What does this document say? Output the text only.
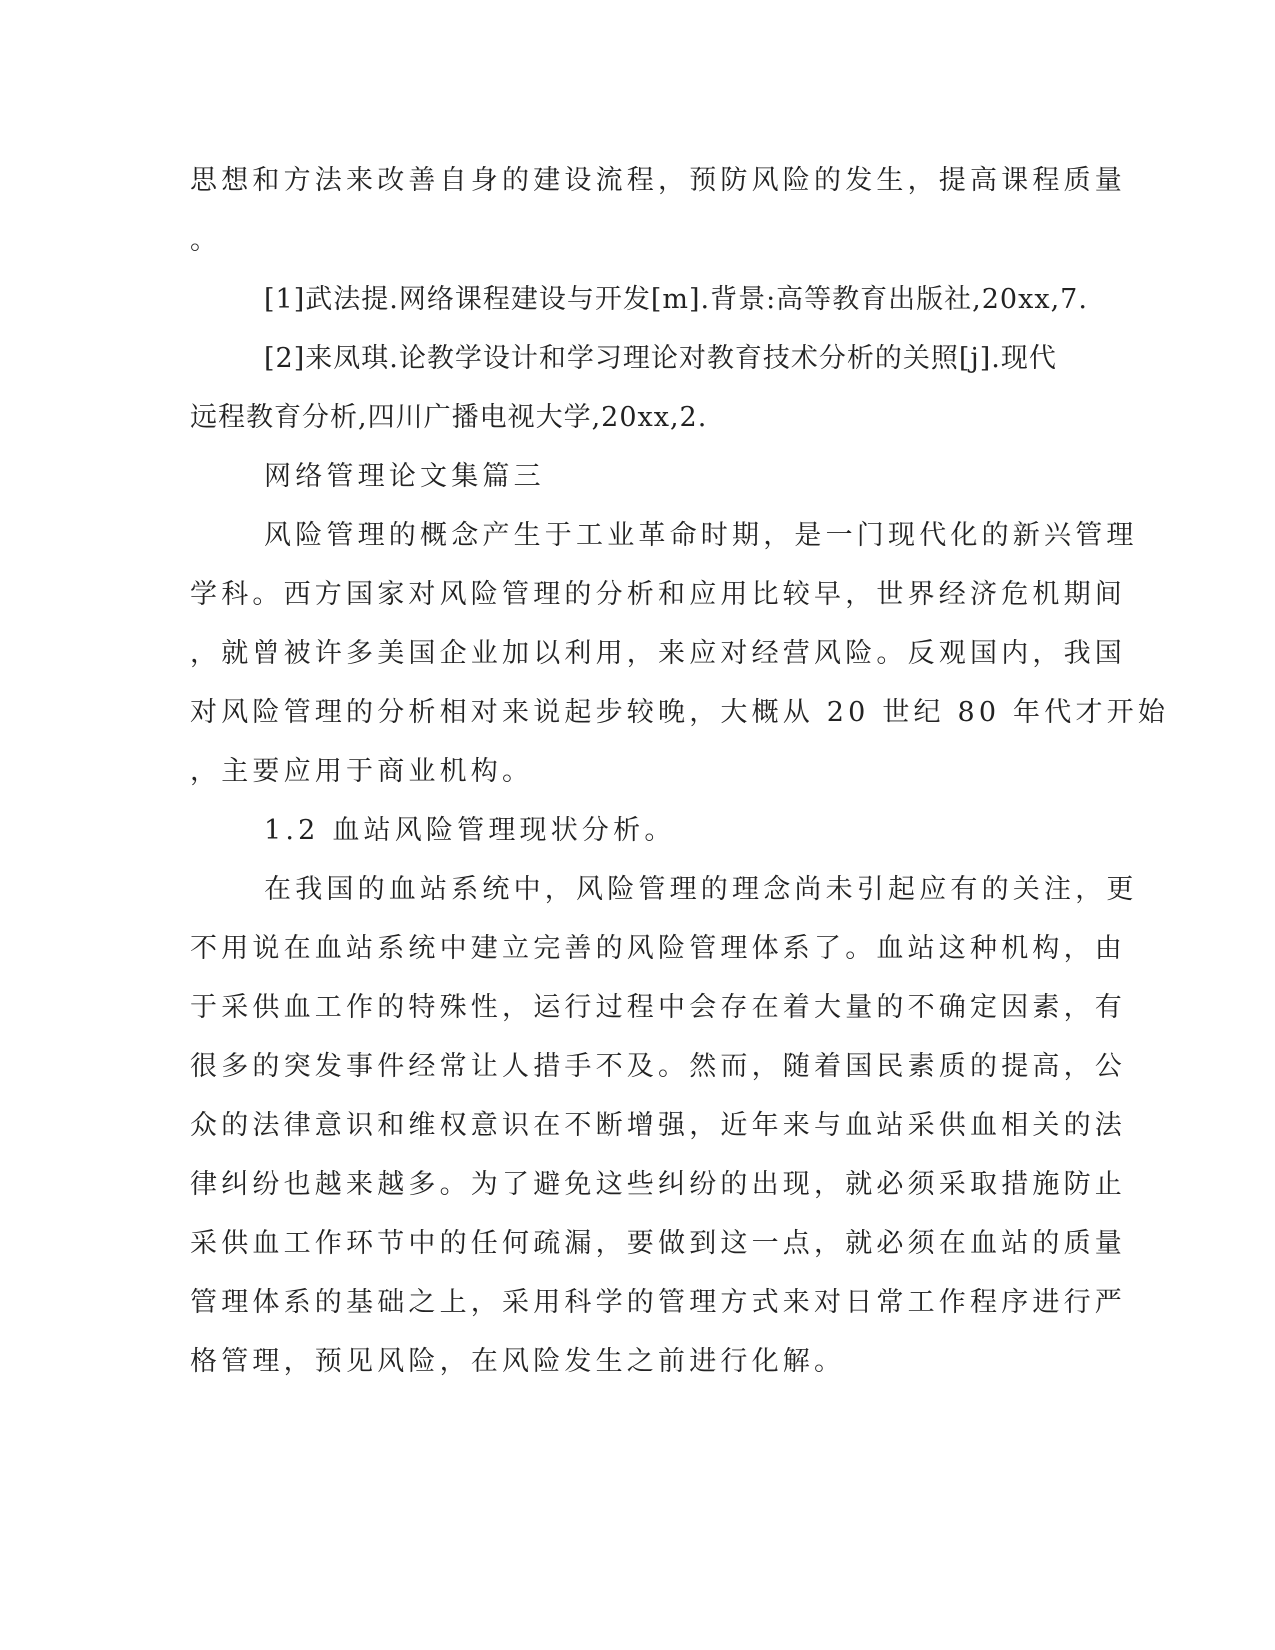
思想和方法来改善自身的建设流程，预防风险的发生，提高课程质量
。
[1]武法提.网络课程建设与开发[m].背景:高等教育出版社,20xx,7.
[2]来凤琪.论教学设计和学习理论对教育技术分析的关照[j].现代
远程教育分析,四川广播电视大学,20xx,2.
网络管理论文集篇三
风险管理的概念产生于工业革命时期，是一门现代化的新兴管理
学科。西方国家对风险管理的分析和应用比较早，世界经济危机期间
，就曾被许多美国企业加以利用，来应对经营风险。反观国内，我国
对风险管理的分析相对来说起步较晚，大概从 20 世纪 80 年代才开始
，主要应用于商业机构。
1.2 血站风险管理现状分析。
在我国的血站系统中，风险管理的理念尚未引起应有的关注，更
不用说在血站系统中建立完善的风险管理体系了。血站这种机构，由
于采供血工作的特殊性，运行过程中会存在着大量的不确定因素，有
很多的突发事件经常让人措手不及。然而，随着国民素质的提高，公
众的法律意识和维权意识在不断增强，近年来与血站采供血相关的法
律纠纷也越来越多。为了避免这些纠纷的出现，就必须采取措施防止
采供血工作环节中的任何疏漏，要做到这一点，就必须在血站的质量
管理体系的基础之上，采用科学的管理方式来对日常工作程序进行严
格管理，预见风险，在风险发生之前进行化解。
